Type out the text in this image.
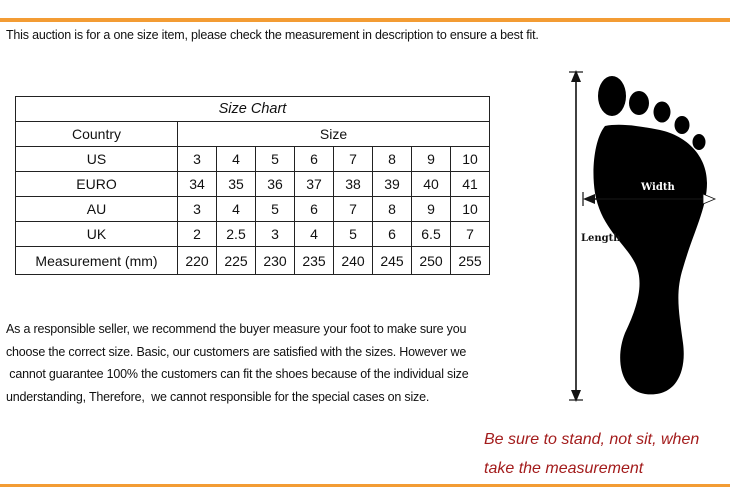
This auction is for a one size item, please check the measurement in description to ensure a best fit.
Size Chart								
Country	Size							
US	3	4	5	6	7	8	9	10
EURO	34	35	36	37	38	39	40	41
AU	3	4	5	6	7	8	9	10
UK	2	2.5	3	4	5	6	6.5	7
Measurement (mm)	220	225	230	235	240	245	250	255
As a responsible seller, we recommend the buyer measure your foot to make sure you
choose the correct size. Basic, our customers are satisfied with the sizes. However we
cannot guarantee 100% the customers can fit the shoes because of the individual size
understanding, Therefore,  we cannot responsible for the special cases on size.
Width
Length
Be sure to stand, not sit, when
take the measurement
